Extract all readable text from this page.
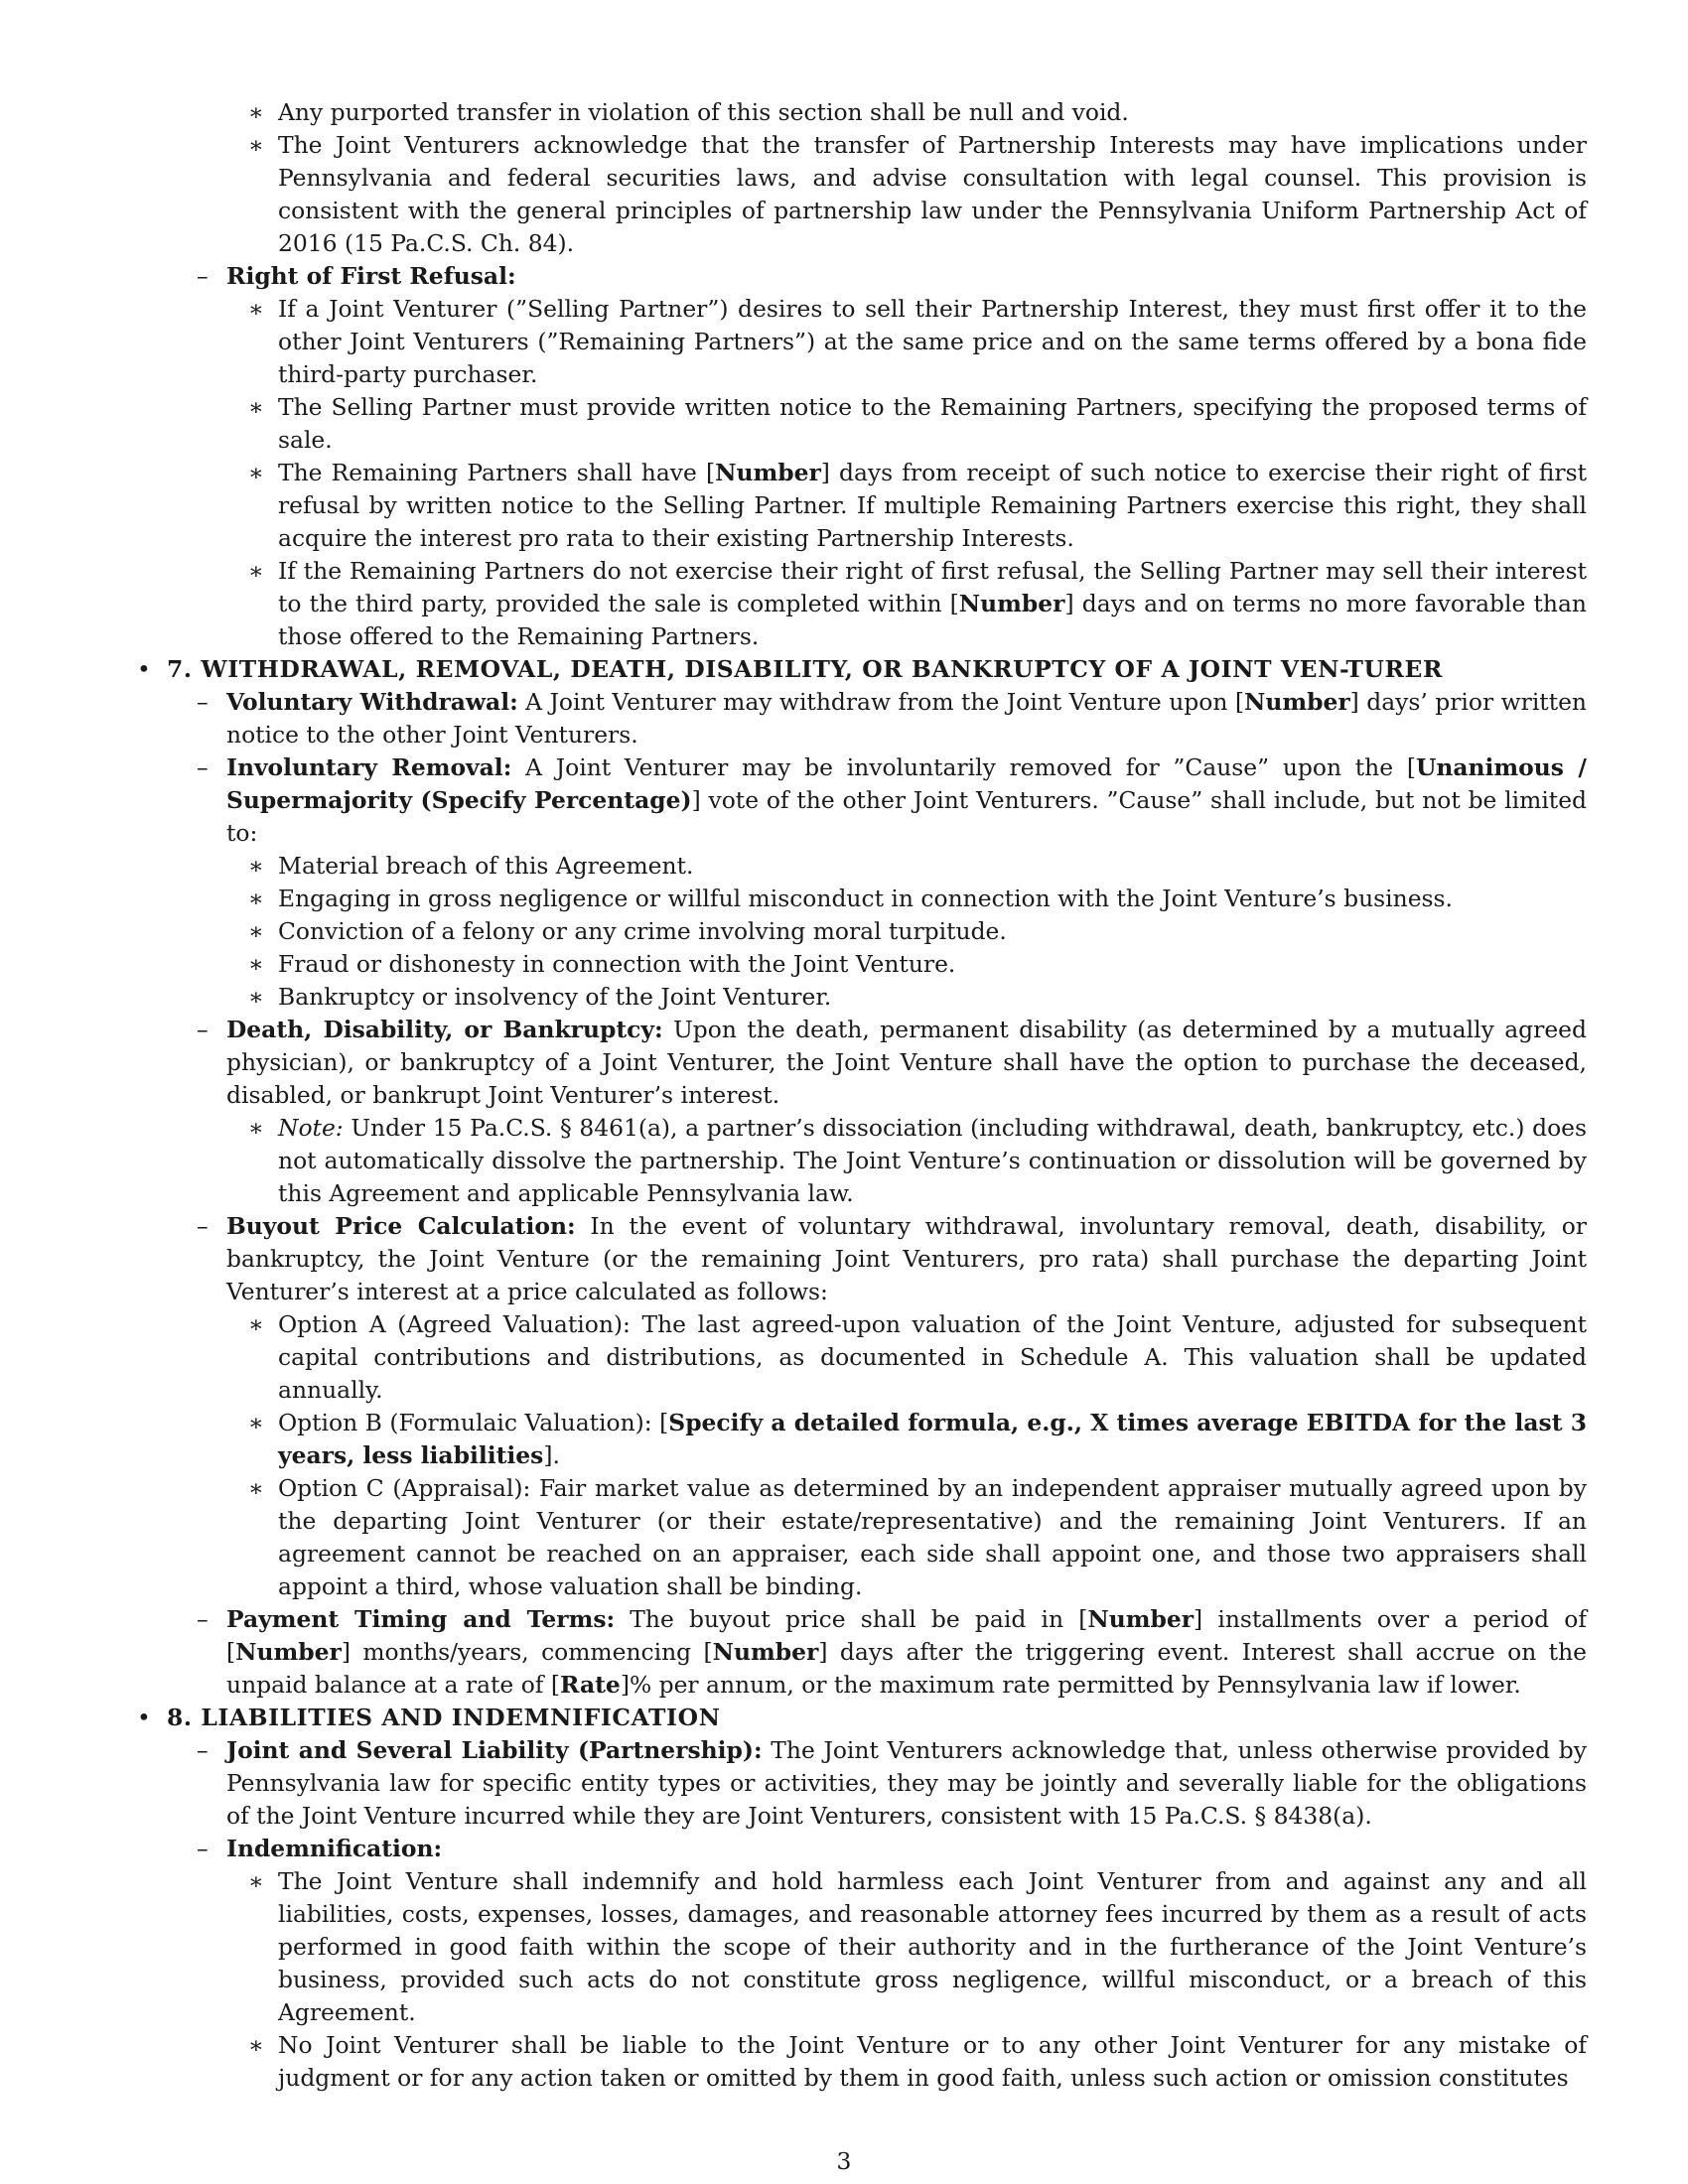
∗ Any purported transfer in violation of this section shall be null and void.
∗ The Joint Venturers acknowledge that the transfer of Partnership Interests may have implications under Pennsylvania and federal securities laws, and advise consultation with legal counsel. This provision is consistent with the general principles of partnership law under the Pennsylvania Uniform Partnership Act of 2016 (15 Pa.C.S. Ch. 84).
– Right of First Refusal:
∗ If a Joint Venturer (”Selling Partner”) desires to sell their Partnership Interest, they must first offer it to the other Joint Venturers (”Remaining Partners”) at the same price and on the same terms offered by a bona fide third-party purchaser.
∗ The Selling Partner must provide written notice to the Remaining Partners, specifying the proposed terms of sale.
∗ The Remaining Partners shall have [Number] days from receipt of such notice to exercise their right of first refusal by written notice to the Selling Partner. If multiple Remaining Partners exercise this right, they shall acquire the interest pro rata to their existing Partnership Interests.
∗ If the Remaining Partners do not exercise their right of first refusal, the Selling Partner may sell their interest to the third party, provided the sale is completed within [Number] days and on terms no more favorable than those offered to the Remaining Partners.
• 7. WITHDRAWAL, REMOVAL, DEATH, DISABILITY, OR BANKRUPTCY OF A JOINT VEN-TURER
– Voluntary Withdrawal: A Joint Venturer may withdraw from the Joint Venture upon [Number] days’ prior written notice to the other Joint Venturers.
– Involuntary Removal: A Joint Venturer may be involuntarily removed for ”Cause” upon the [Unanimous / Supermajority (Specify Percentage)] vote of the other Joint Venturers. ”Cause” shall include, but not be limited to:
∗ Material breach of this Agreement.
∗ Engaging in gross negligence or willful misconduct in connection with the Joint Venture’s business.
∗ Conviction of a felony or any crime involving moral turpitude.
∗ Fraud or dishonesty in connection with the Joint Venture.
∗ Bankruptcy or insolvency of the Joint Venturer.
– Death, Disability, or Bankruptcy: Upon the death, permanent disability (as determined by a mutually agreed physician), or bankruptcy of a Joint Venturer, the Joint Venture shall have the option to purchase the deceased, disabled, or bankrupt Joint Venturer’s interest.
∗ Note: Under 15 Pa.C.S. § 8461(a), a partner’s dissociation (including withdrawal, death, bankruptcy, etc.) does not automatically dissolve the partnership. The Joint Venture’s continuation or dissolution will be governed by this Agreement and applicable Pennsylvania law.
– Buyout Price Calculation: In the event of voluntary withdrawal, involuntary removal, death, disability, or bankruptcy, the Joint Venture (or the remaining Joint Venturers, pro rata) shall purchase the departing Joint Venturer’s interest at a price calculated as follows:
∗ Option A (Agreed Valuation): The last agreed-upon valuation of the Joint Venture, adjusted for subsequent capital contributions and distributions, as documented in Schedule A. This valuation shall be updated annually.
∗ Option B (Formulaic Valuation): [Specify a detailed formula, e.g., X times average EBITDA for the last 3 years, less liabilities].
∗ Option C (Appraisal): Fair market value as determined by an independent appraiser mutually agreed upon by the departing Joint Venturer (or their estate/representative) and the remaining Joint Venturers. If an agreement cannot be reached on an appraiser, each side shall appoint one, and those two appraisers shall appoint a third, whose valuation shall be binding.
– Payment Timing and Terms: The buyout price shall be paid in [Number] installments over a period of [Number] months/years, commencing [Number] days after the triggering event. Interest shall accrue on the unpaid balance at a rate of [Rate]% per annum, or the maximum rate permitted by Pennsylvania law if lower.
• 8. LIABILITIES AND INDEMNIFICATION
– Joint and Several Liability (Partnership): The Joint Venturers acknowledge that, unless otherwise provided by Pennsylvania law for specific entity types or activities, they may be jointly and severally liable for the obligations of the Joint Venture incurred while they are Joint Venturers, consistent with 15 Pa.C.S. § 8438(a).
– Indemnification:
∗ The Joint Venture shall indemnify and hold harmless each Joint Venturer from and against any and all liabilities, costs, expenses, losses, damages, and reasonable attorney fees incurred by them as a result of acts performed in good faith within the scope of their authority and in the furtherance of the Joint Venture’s business, provided such acts do not constitute gross negligence, willful misconduct, or a breach of this Agreement.
∗ No Joint Venturer shall be liable to the Joint Venture or to any other Joint Venturer for any mistake of judgment or for any action taken or omitted by them in good faith, unless such action or omission constitutes
3
